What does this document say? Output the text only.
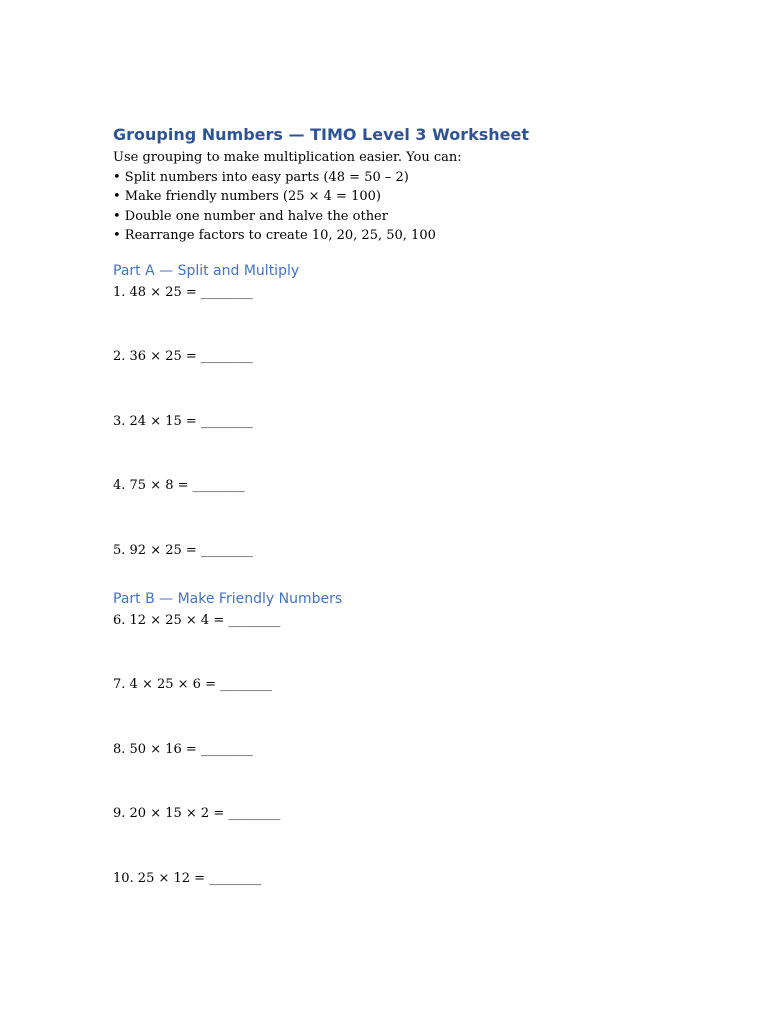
Grouping Numbers — TIMO Level 3 Worksheet

Use grouping to make multiplication easier. You can:

• Split numbers into easy parts (48 = 50 – 2)
• Make friendly numbers (25 × 4 = 100)
• Double one number and halve the other
• Rearrange factors to create 10, 20, 25, 50, 100
Part A — Split and Multiply
1. 48 × 25 = ________
2. 36 × 25 = ________
3. 24 × 15 = ________
4. 75 × 8 = ________
5. 92 × 25 = ________
Part B — Make Friendly Numbers
6. 12 × 25 × 4 = ________
7. 4 × 25 × 6 = ________
8. 50 × 16 = ________
9. 20 × 15 × 2 = ________
10. 25 × 12 = ________
